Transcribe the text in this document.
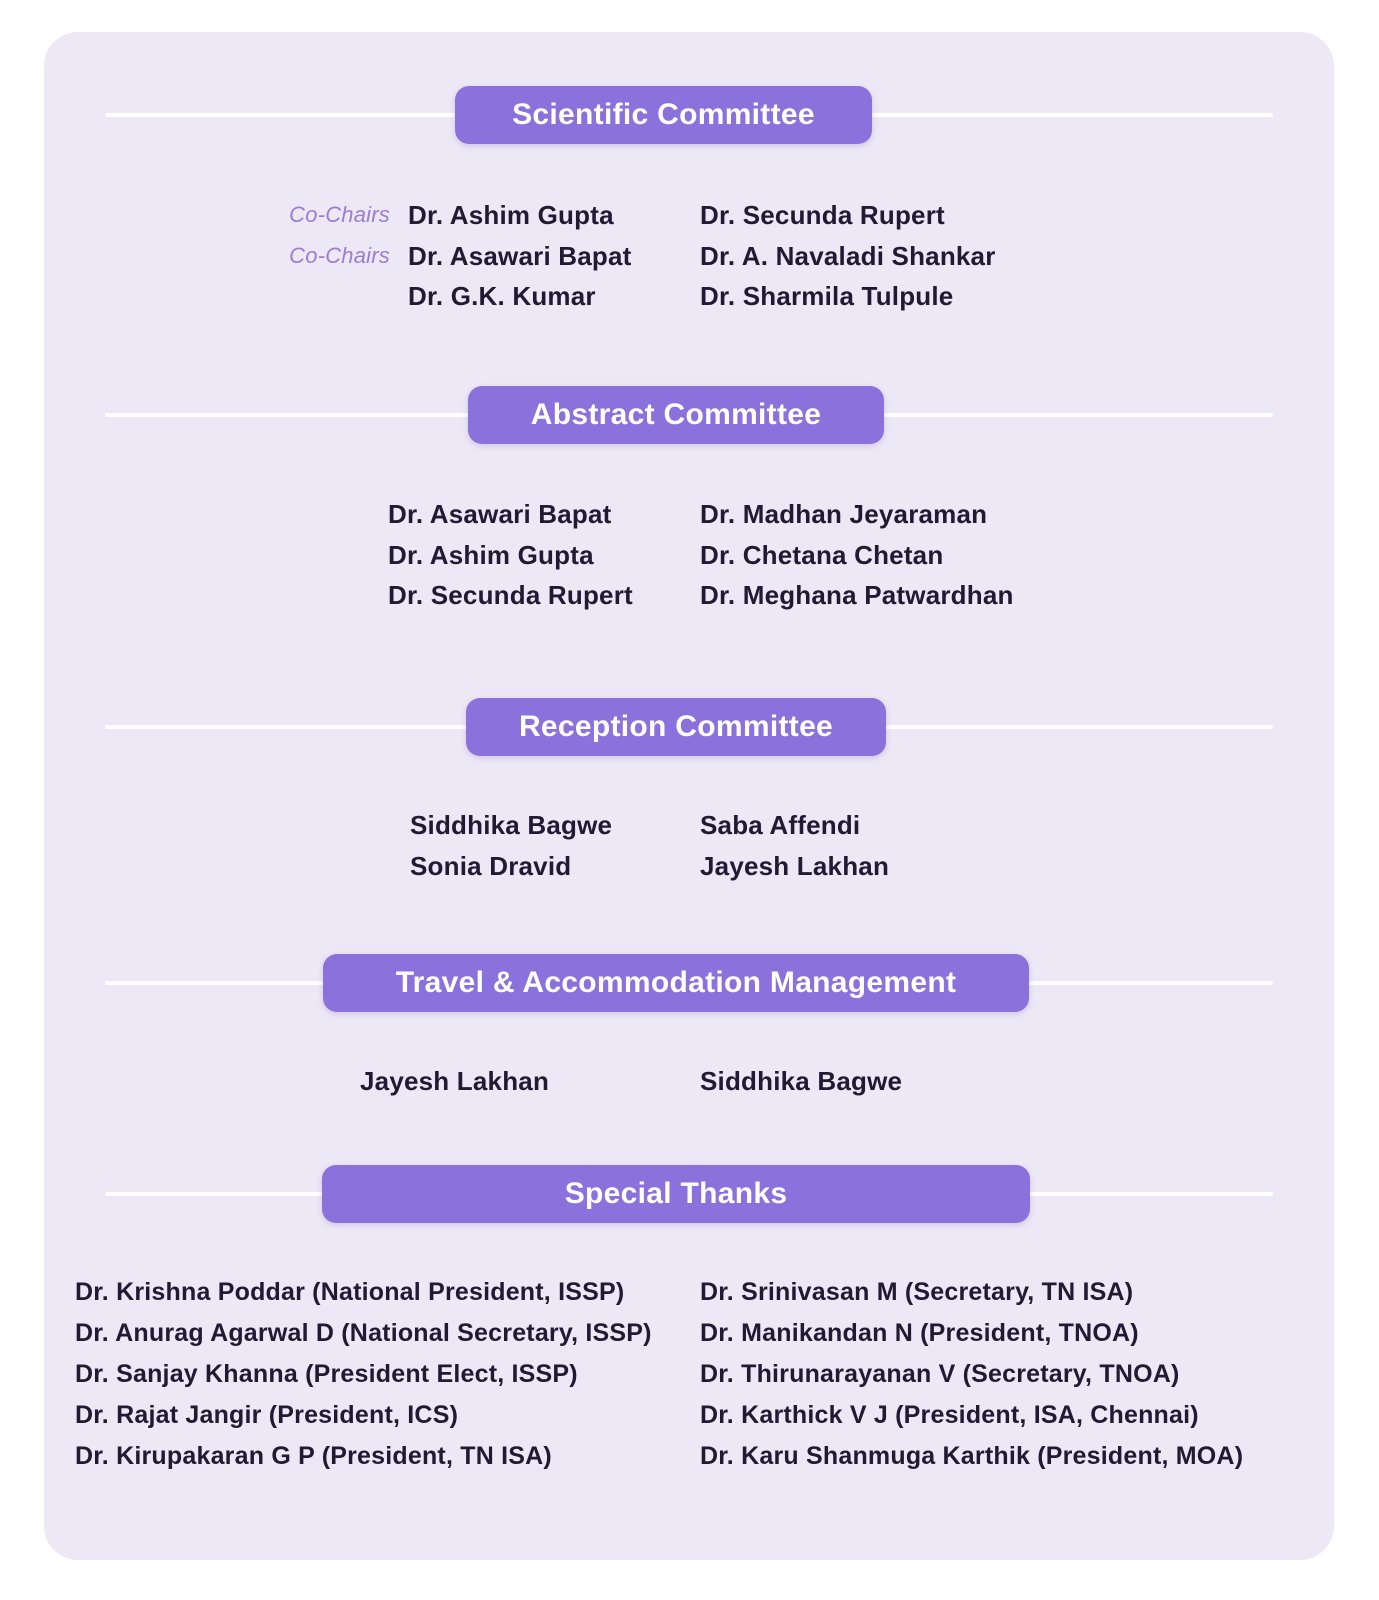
Scientific Committee
Co-Chairs Dr. Ashim Gupta	Dr. Secunda Rupert
Co-Chairs Dr. Asawari Bapat	Dr. A. Navaladi Shankar
Dr. G.K. Kumar	Dr. Sharmila Tulpule
Abstract Committee
Dr. Asawari Bapat	Dr. Madhan Jeyaraman
Dr. Ashim Gupta	Dr. Chetana Chetan
Dr. Secunda Rupert	Dr. Meghana Patwardhan
Reception Committee
Siddhika Bagwe	Saba Affendi
Sonia Dravid	Jayesh Lakhan
Travel & Accommodation Management
Jayesh Lakhan	Siddhika Bagwe
Special Thanks
Dr. Krishna Poddar (National President, ISSP)	Dr. Srinivasan M (Secretary, TN ISA)
Dr. Anurag Agarwal D (National Secretary, ISSP) Dr. Manikandan N (President, TNOA)
Dr. Sanjay Khanna (President Elect, ISSP)	Dr. Thirunarayanan V (Secretary, TNOA)
Dr. Rajat Jangir (President, ICS)	Dr. Karthick V J (President, ISA, Chennai)
Dr. Kirupakaran G P (President, TN ISA)	Dr. Karu Shanmuga Karthik (President, MOA)
